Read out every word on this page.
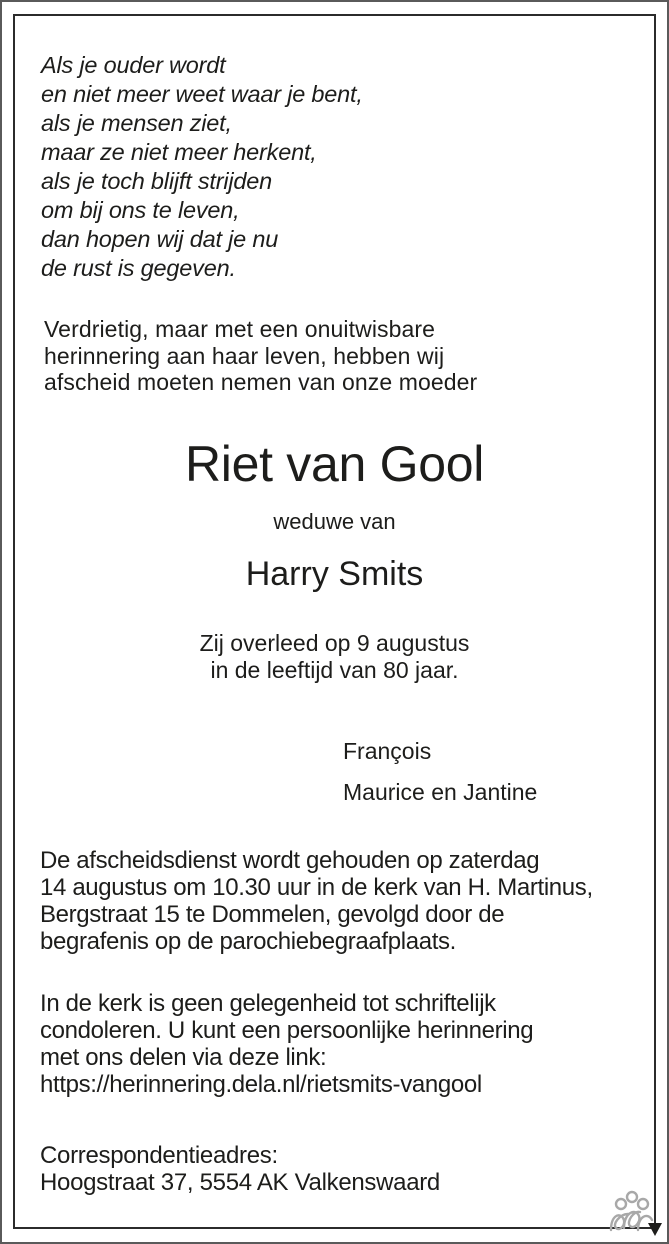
Als je ouder wordt
en niet meer weet waar je bent,
als je mensen ziet,
maar ze niet meer herkent,
als je toch blijft strijden
om bij ons te leven,
dan hopen wij dat je nu
de rust is gegeven.
Verdrietig, maar met een onuitwisbare
herinnering aan haar leven, hebben wij
afscheid moeten nemen van onze moeder
Riet van Gool
weduwe van
Harry Smits
Zij overleed op 9 augustus
in de leeftijd van 80 jaar.
François
Maurice en Jantine
De afscheidsdienst wordt gehouden op zaterdag
14 augustus om 10.30 uur in de kerk van H. Martinus,
Bergstraat 15 te Dommelen, gevolgd door de
begrafenis op de parochiebegraafplaats.
In de kerk is geen gelegenheid tot schriftelijk
condoleren. U kunt een persoonlijke herinnering
met ons delen via deze link:
https://herinnering.dela.nl/rietsmits-vangool
Correspondentieadres:
Hoogstraat 37, 5554 AK Valkenswaard
